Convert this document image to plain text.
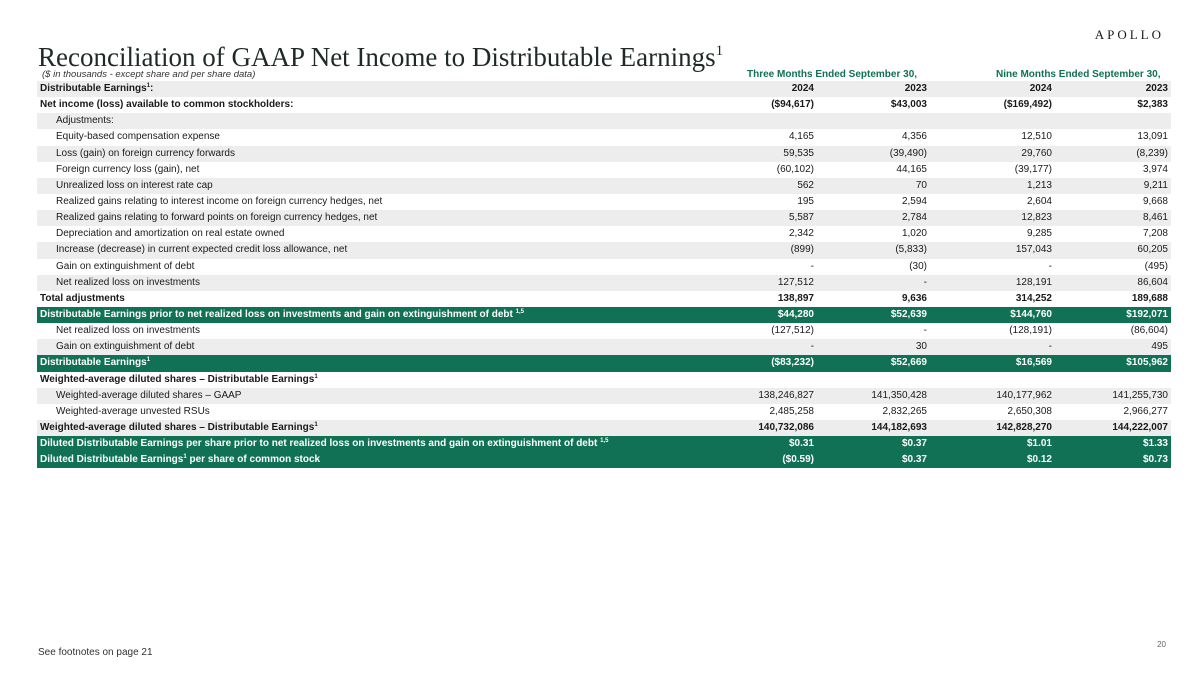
APOLLO
Reconciliation of GAAP Net Income to Distributable Earnings$^1$
($ in thousands - except share and per share data)	Three Months Ended September 30,	Nine Months Ended September 30,
Distributable Earnings$^1$:	2024	2023	2024	2023
Net income (loss) available to common stockholders:	($94,617)	$43,003	($169,492)	$2,383
Adjustments:				
Equity-based compensation expense	4,165	4,356	12,510	13,091
Loss (gain) on foreign currency forwards	59,535	(39,490)	29,760	(8,239)
Foreign currency loss (gain), net	(60,102)	44,165	(39,177)	3,974
Unrealized loss on interest rate cap	562	70	1,213	9,211
Realized gains relating to interest income on foreign currency hedges, net	195	2,594	2,604	9,668
Realized gains relating to forward points on foreign currency hedges, net	5,587	2,784	12,823	8,461
Depreciation and amortization on real estate owned	2,342	1,020	9,285	7,208
Increase (decrease) in current expected credit loss allowance, net	(899)	(5,833)	157,043	60,205
Gain on extinguishment of debt	-	(30)	-	(495)
Net realized loss on investments	127,512	-	128,191	86,604
Total adjustments	138,897	9,636	314,252	189,688
Distributable Earnings prior to net realized loss on investments and gain on extinguishment of debt $^{1,5}$	$44,280	$52,639	$144,760	$192,071
Net realized loss on investments	(127,512)	-	(128,191)	(86,604)
Gain on extinguishment of debt	-	30	-	495
Distributable Earnings$^1$	($83,232)	$52,669	$16,569	$105,962
Weighted-average diluted shares – Distributable Earnings$^1$				
Weighted-average diluted shares – GAAP	138,246,827	141,350,428	140,177,962	141,255,730
Weighted-average unvested RSUs	2,485,258	2,832,265	2,650,308	2,966,277
Weighted-average diluted shares – Distributable Earnings$^1$	140,732,086	144,182,693	142,828,270	144,222,007
Diluted Distributable Earnings per share prior to net realized loss on investments and gain on extinguishment of debt $^{1,5}$	$0.31	$0.37	$1.01	$1.33
Diluted Distributable Earnings$^1$ per share of common stock	($0.59)	$0.37	$0.12	$0.73
See footnotes on page 21
20
